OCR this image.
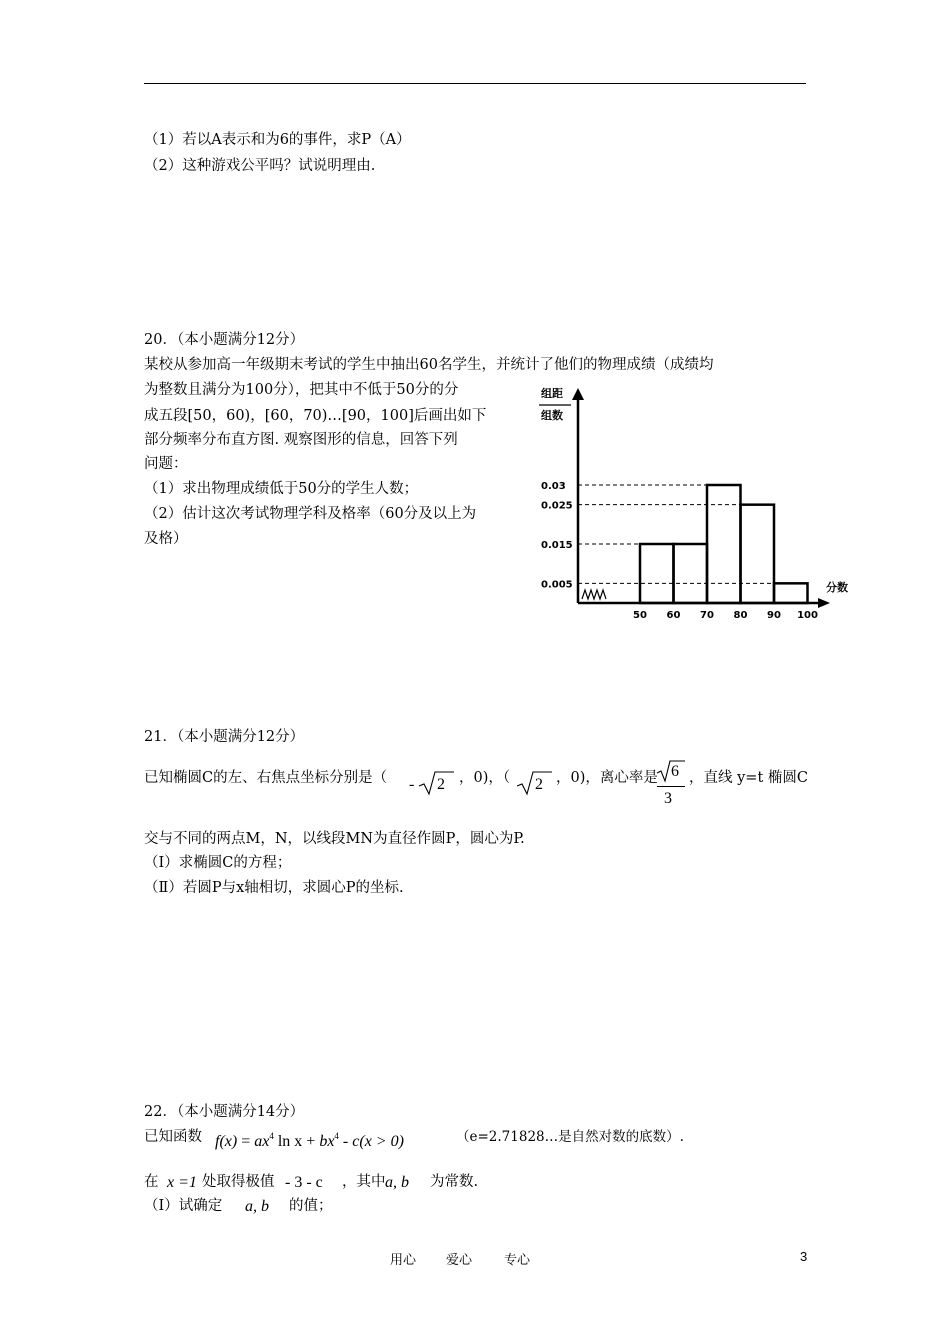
（1）若以A表示和为6的事件，求P（A）
（2）这种游戏公平吗？试说明理由.
20．（本小题满分12分）
某校从参加高一年级期末考试的学生中抽出60名学生，并统计了他们的物理成绩（成绩均
为整数且满分为100分），把其中不低于50分的分
成五段[50，60)，[60，70)…[90，100]后画出如下
部分频率分布直方图. 观察图形的信息，回答下列
问题：
（1）求出物理成绩低于50分的学生人数；
（2）估计这次考试物理学科及格率（60分及以上为
及格）
0.03
0.025
0.015
0.005
50 60 70 80 90 100
组距
组数
分数
21．（本小题满分12分）
已知椭圆C的左、右焦点坐标分别是（ - 2 ，0)，（ 2 ，0)，离心率是 6
3
，直线 y=t 椭圆C
交与不同的两点M，N，以线段MN为直径作圆P，圆心为P.
（Ⅰ）求椭圆C的方程；
（Ⅱ）若圆P与x轴相切，求圆心P的坐标.
22．（本小题满分14分）
已知函数 $f(x) = ax^4$ $\ln x + bx^4 - c(x > 0)$	（e=2.71828…是自然对数的底数）.
在 x =1 处取得极值 - 3 - c ，其中 a, b 为常数.
（Ⅰ）试确定 a, b 的值；
用心 爱心 专心	3
